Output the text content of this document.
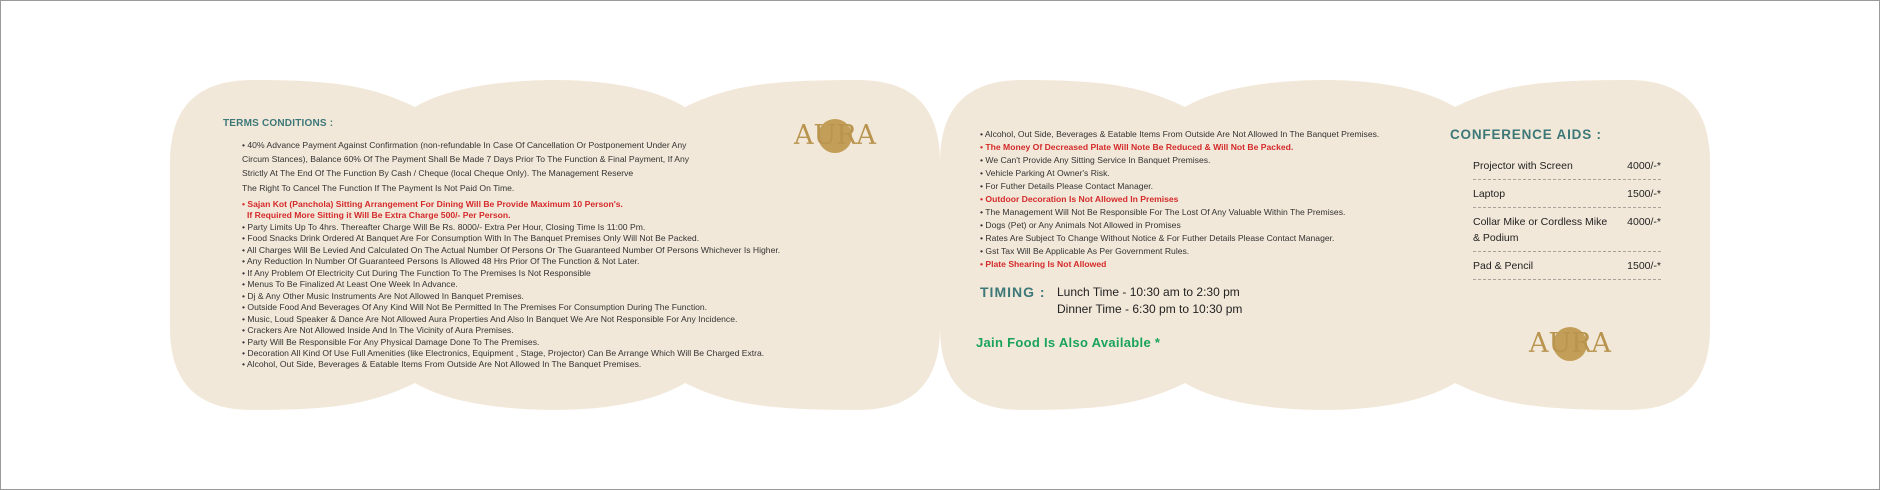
TERMS CONDITIONS :	AURA

• 40% Advance Payment Against Confirmation (non-refundable In Case Of Cancellation Or Postponement Under Any
Circum Stances), Balance 60% Of The Payment Shall Be Made 7 Days Prior To The Function & Final Payment, If Any
Strictly At The End Of The Function By Cash / Cheque (local Cheque Only). The Management Reserve
The Right To Cancel The Function If The Payment Is Not Paid On Time.

• Sajan Kot (Panchola) Sitting Arrangement For Dining Will Be Provide Maximum 10 Person's.
If Required More Sitting it Will Be Extra Charge 500/- Per Person.
• Party Limits Up To 4hrs. Thereafter Charge Will Be Rs. 8000/- Extra Per Hour, Closing Time Is 11:00 Pm.
• Food Snacks Drink Ordered At Banquet Are For Consumption With In The Banquet Premises Only Will Not Be Packed.
• All Charges Will Be Levied And Calculated On The Actual Number Of Persons Or The Guaranteed Number Of Persons Whichever Is Higher.
• Any Reduction In Number Of Guaranteed Persons Is Allowed 48 Hrs Prior Of The Function & Not Later.
• If Any Problem Of Electricity Cut During The Function To The Premises Is Not Responsible
• Menus To Be Finalized At Least One Week In Advance.
• Dj & Any Other Music Instruments Are Not Allowed In Banquet Premises.
• Outside Food And Beverages Of Any Kind Will Not Be Permitted In The Premises For Consumption During The Function.
• Music, Loud Speaker & Dance Are Not Allowed Aura Properties And Also In Banquet We Are Not Responsible For Any Incidence.
• Crackers Are Not Allowed Inside And In The Vicinity of Aura Premises.
• Party Will Be Responsible For Any Physical Damage Done To The Premises.
• Decoration All Kind Of Use Full Amenities (like Electronics, Equipment , Stage, Projector) Can Be Arrange Which Will Be Charged Extra.
• Alcohol, Out Side, Beverages & Eatable Items From Outside Are Not Allowed In The Banquet Premises.
• Alcohol, Out Side, Beverages & Eatable Items From Outside Are Not Allowed In The Banquet Premises.
• The Money Of Decreased Plate Will Note Be Reduced & Will Not Be Packed.
• We Can't Provide Any Sitting Service In Banquet Premises.
• Vehicle Parking At Owner's Risk.
• For Futher Details Please Contact Manager.
• Outdoor Decoration Is Not Allowed In Premises
• The Management Will Not Be Responsible For The Lost Of Any Valuable Within The Premises.
• Dogs (Pet) or Any Animals Not Allowed in Promises
• Rates Are Subject To Change Without Notice & For Futher Details Please Contact Manager.
• Gst Tax Will Be Applicable As Per Government Rules.
• Plate Shearing Is Not Allowed
TIMING : Lunch Time - 10:30 am to 2:30 pm
Dinner Time - 6:30 pm to 10:30 pm
Jain Food Is Also Available *
CONFERENCE AIDS :
Projector with Screen	4000/-*
Laptop	1500/-*
Collar Mike or Cordless Mike & Podium
4000/-*
Pad & Pencil	1500/-*
AURA
